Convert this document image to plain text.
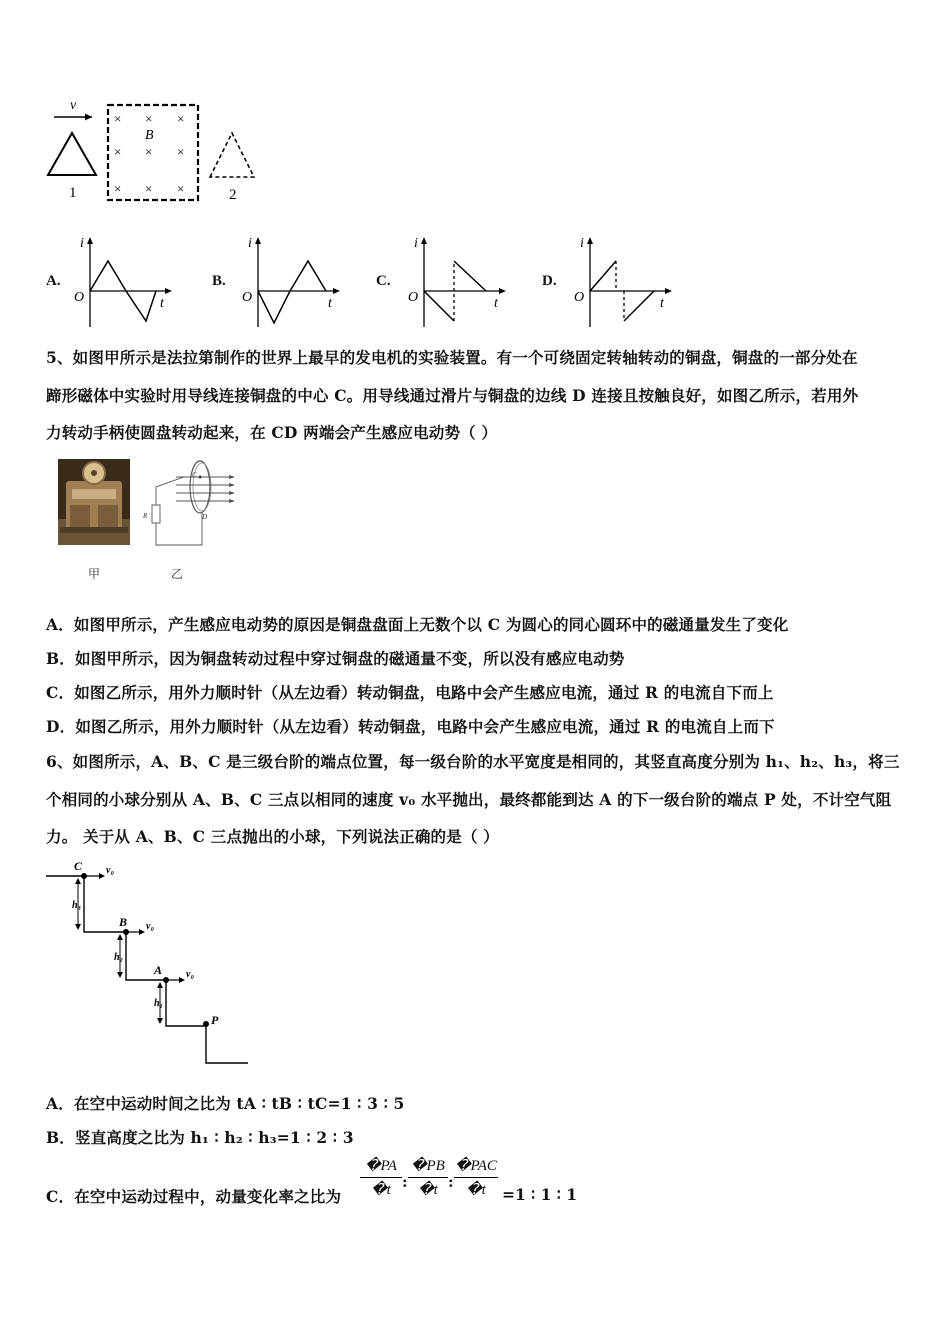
v
1
× × ×
× × ×
× × ×
B
2
A.
i
t
O
B.
i
t
O
C.
i
t
O
D.
i
t
O
5、如图甲所示是法拉第制作的世界上最早的发电机的实验装置。有一个可绕固定转轴转动的铜盘，铜盘的一部分处在
蹄形磁体中实验时用导线连接铜盘的中心 C。用导线通过滑片与铜盘的边线 D 连接且按触良好，如图乙所示，若用外
力转动手柄使圆盘转动起来，在 CD 两端会产生感应电动势（ ）
甲
C
D
R
乙
A．如图甲所示，产生感应电动势的原因是铜盘盘面上无数个以 C 为圆心的同心圆环中的磁通量发生了变化
B．如图甲所示，因为铜盘转动过程中穿过铜盘的磁通量不变，所以没有感应电动势
C．如图乙所示，用外力顺时针（从左边看）转动铜盘，电路中会产生感应电流，通过 R 的电流自下而上
D．如图乙所示，用外力顺时针（从左边看）转动铜盘，电路中会产生感应电流，通过 R 的电流自上而下
6、如图所示，A、B、C 是三级台阶的端点位置，每一级台阶的水平宽度是相同的，其竖直高度分别为 h₁、h₂、h₃，将三
个相同的小球分别从 A、B、C 三点以相同的速度 v₀ 水平抛出，最终都能到达 A 的下一级台阶的端点 P 处，不计空气阻
力。 关于从 A、B、C 三点抛出的小球，下列说法正确的是（ ）
C v₀
B v₀
A v₀
P
h₃
h₂
h₁
A．在空中运动时间之比为 tA ∶ tB ∶ tC=1 ∶ 3 ∶ 5
B．竖直高度之比为 h₁ ∶ h₂ ∶ h₃=1 ∶ 2 ∶ 3
C．在空中运动过程中，动量变化率之比为
�PA
�t :
�PB
�t :
�PAC
�t	=1 ∶ 1 ∶ 1
